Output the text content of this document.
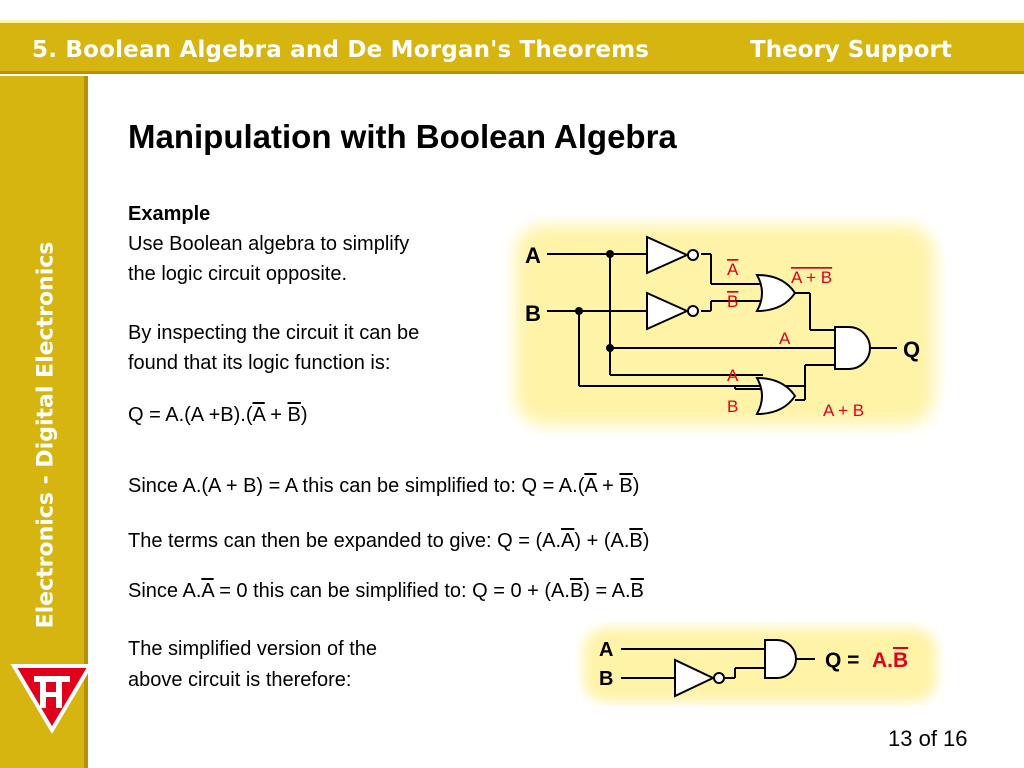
5. Boolean Algebra and De Morgan's Theorems	Theory Support
Electronics - Digital Electronics
Manipulation with Boolean Algebra
Example
Use Boolean algebra to simplify
the logic circuit opposite.
By inspecting the circuit it can be
found that its logic function is:
$Q = A.(A +B).(\overline{A} + \overline{B})$
Since A.(A + B) = A this can be simplified to: $Q = A.(\overline{A} + \overline{B})$
The terms can then be expanded to give: $Q = (A.\overline{A}) + (A.\overline{B})$
Since $A.\overline{A} = 0$ this can be simplified to: $Q = 0 + (A.\overline{B}) = A.\overline{B}$
The simplified version of the
above circuit is therefore:
A
B
A
B
A + B
A
A
B	A + B
Q
A
B
Q = A.B
13 of 16
